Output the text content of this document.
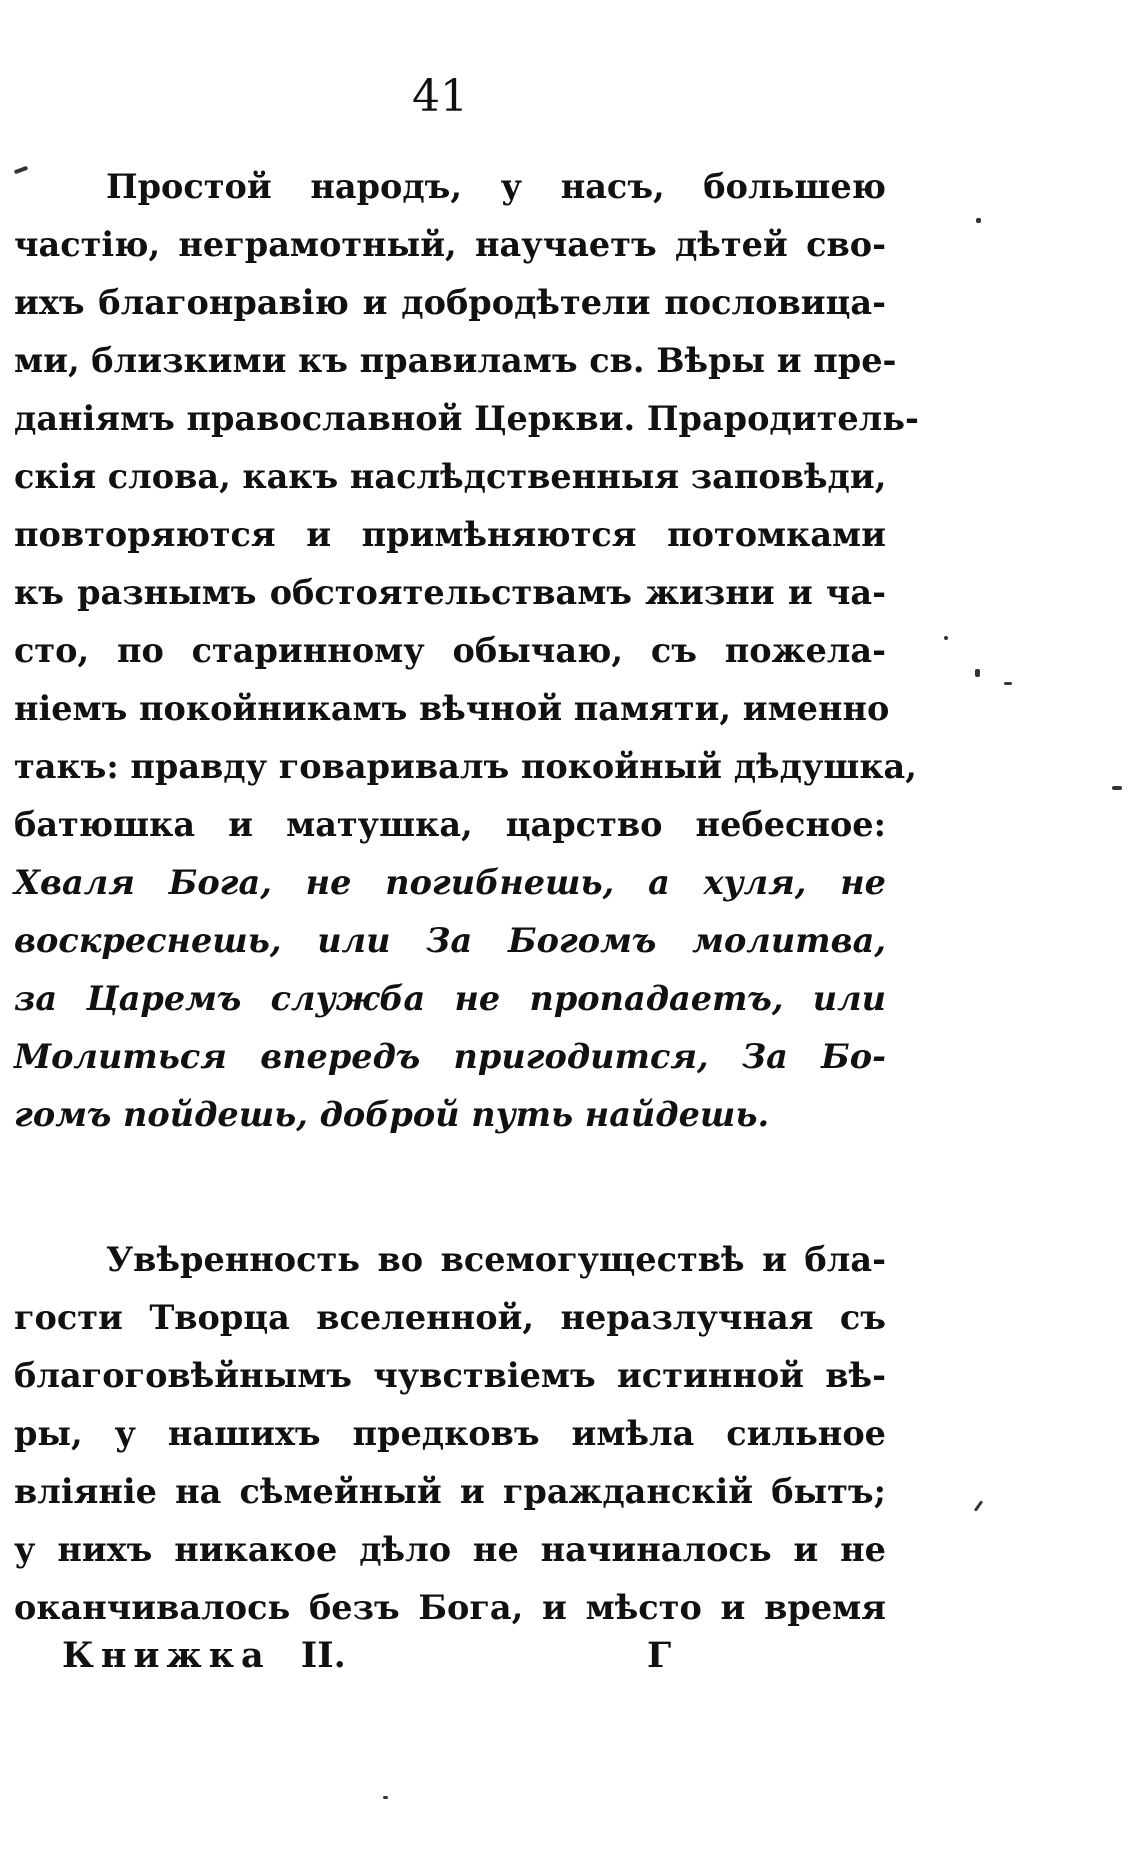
41
Простой народъ, у насъ, большею
частію, неграмотный, научаетъ дѣтей сво-
ихъ благонравію и добродѣтели пословица-
ми, близкими къ правиламъ св. Вѣры и пре-
даніямъ православной Церкви. Прародитель-
скія слова, какъ наслѣдственныя заповѣди,
повторяются и примѣняются потомками
къ разнымъ обстоятельствамъ жизни и ча-
сто, по старинному обычаю, съ пожела-
ніемъ покойникамъ вѣчной памяти, именно
такъ: правду говаривалъ покойный дѣдушка,
батюшка и матушка, царство небесное:
Хваля Бога, не погибнешь, а хуля, не
воскреснешь, или За Богомъ молитва,
за Царемъ служба не пропадаетъ, или
Молиться впередъ пригодится, За Бо-
гомъ пойдешь, доброй путь найдешь.
Увѣренность во всемогуществѣ и бла-
гости Творца вселенной, неразлучная съ
благоговѣйнымъ чувствіемъ истинной вѣ-
ры, у нашихъ предковъ имѣла сильное
вліяніе на сѣмейный и гражданскій бытъ;
у нихъ никакое дѣло не начиналось и не
оканчивалось безъ Бога, и мѣсто и время
Книжка II.	Г
